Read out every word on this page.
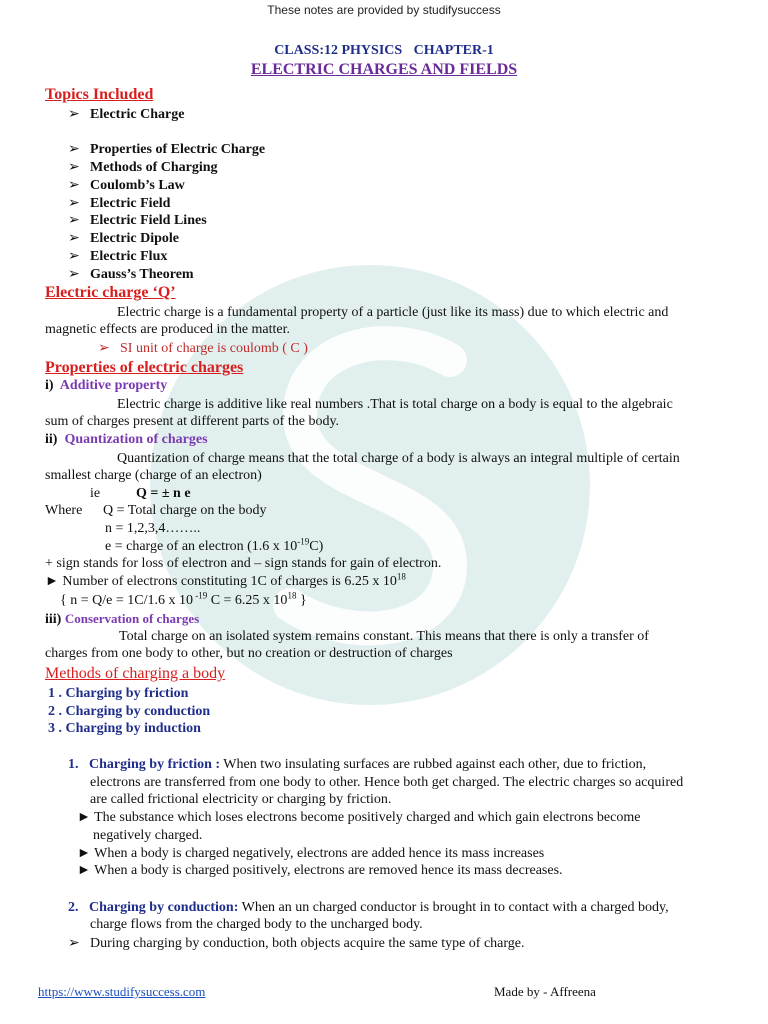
These notes are provided by studifysuccess
CLASS:12 PHYSICS CHAPTER-1
ELECTRIC CHARGES AND FIELDS
Topics Included
➢ Electric Charge
➢ Properties of Electric Charge
➢ Methods of Charging
➢ Coulomb’s Law
➢ Electric Field
➢ Electric Field Lines
➢ Electric Dipole
➢ Electric Flux
➢ Gauss’s Theorem
Electric charge ‘Q’
Electric charge is a fundamental property of a particle (just like its mass) due to which electric and
magnetic effects are produced in the matter.
➢ SI unit of charge is coulomb ( C )
Properties of electric charges
i) Additive property
Electric charge is additive like real numbers .That is total charge on a body is equal to the algebraic
sum of charges present at different parts of the body.
ii) Quantization of charges
Quantization of charge means that the total charge of a body is always an integral multiple of certain
smallest charge (charge of an electron)
ie	Q = ± n e
Where Q = Total charge on the body
n = 1,2,3,4……..
e = charge of an electron (1.6 x $10^{-19}C$)
+ sign stands for loss of electron and – sign stands for gain of electron.
► Number of electrons constituting 1C of charges is 6.25 x $10^{18}$
{ n = Q/e = 1C/1.6 x 10 $^{-19}$ C = 6.25 x $10^{18}$ }
iii) Conservation of charges
Total charge on an isolated system remains constant. This means that there is only a transfer of
charges from one body to other, but no creation or destruction of charges
Methods of charging a body
1 . Charging by friction
2 . Charging by conduction
3 . Charging by induction
1. Charging by friction : When two insulating surfaces are rubbed against each other, due to friction,
electrons are transferred from one body to other. Hence both get charged. The electric charges so acquired
are called frictional electricity or charging by friction.
► The substance which loses electrons become positively charged and which gain electrons become
negatively charged.
► When a body is charged negatively, electrons are added hence its mass increases
► When a body is charged positively, electrons are removed hence its mass decreases.
2. Charging by conduction: When an un charged conductor is brought in to contact with a charged body,
charge flows from the charged body to the uncharged body.
➢ During charging by conduction, both objects acquire the same type of charge.
https://www.studifysuccess.com	Made by - Affreena
